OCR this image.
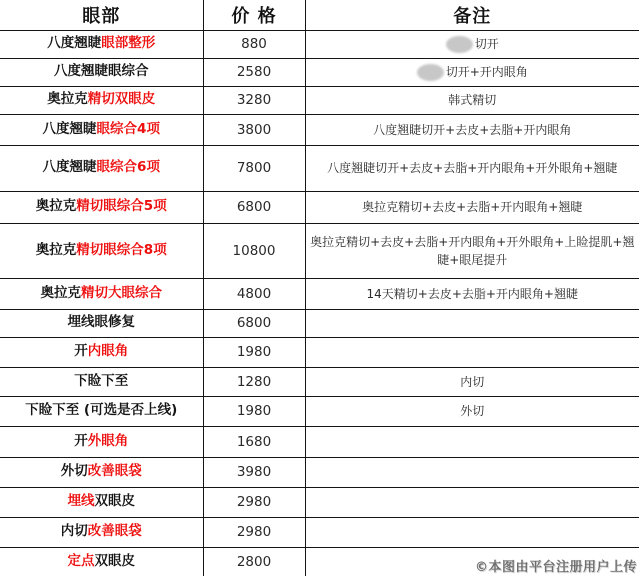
眼部	价 格	备注
八度翘睫眼部整形	880	切开
八度翘睫眼综合	2580	切开+开内眼角
奥拉克精切双眼皮	3280	韩式精切
八度翘睫眼综合4项	3800	八度翘睫切开+去皮+去脂+开内眼角
八度翘睫眼综合6项	7800	八度翘睫切开+去皮+去脂+开内眼角+开外眼角+翘睫
奥拉克精切眼综合5项	6800	奥拉克精切+去皮+去脂+开内眼角+翘睫
奥拉克精切眼综合8项	10800	奥拉克精切+去皮+去脂+开内眼角+开外眼角+上睑提肌+翘睫+眼尾提升
奥拉克精切大眼综合	4800	14天精切+去皮+去脂+开内眼角+翘睫
埋线眼修复	6800	
开内眼角	1980	
下睑下至	1280	内切
下睑下至 (可选是否上线)	1980	外切
开外眼角	1680	
外切改善眼袋	3980	
埋线双眼皮	2980	
内切改善眼袋	2980	
定点双眼皮	2800		©本图由平台注册用户上传
